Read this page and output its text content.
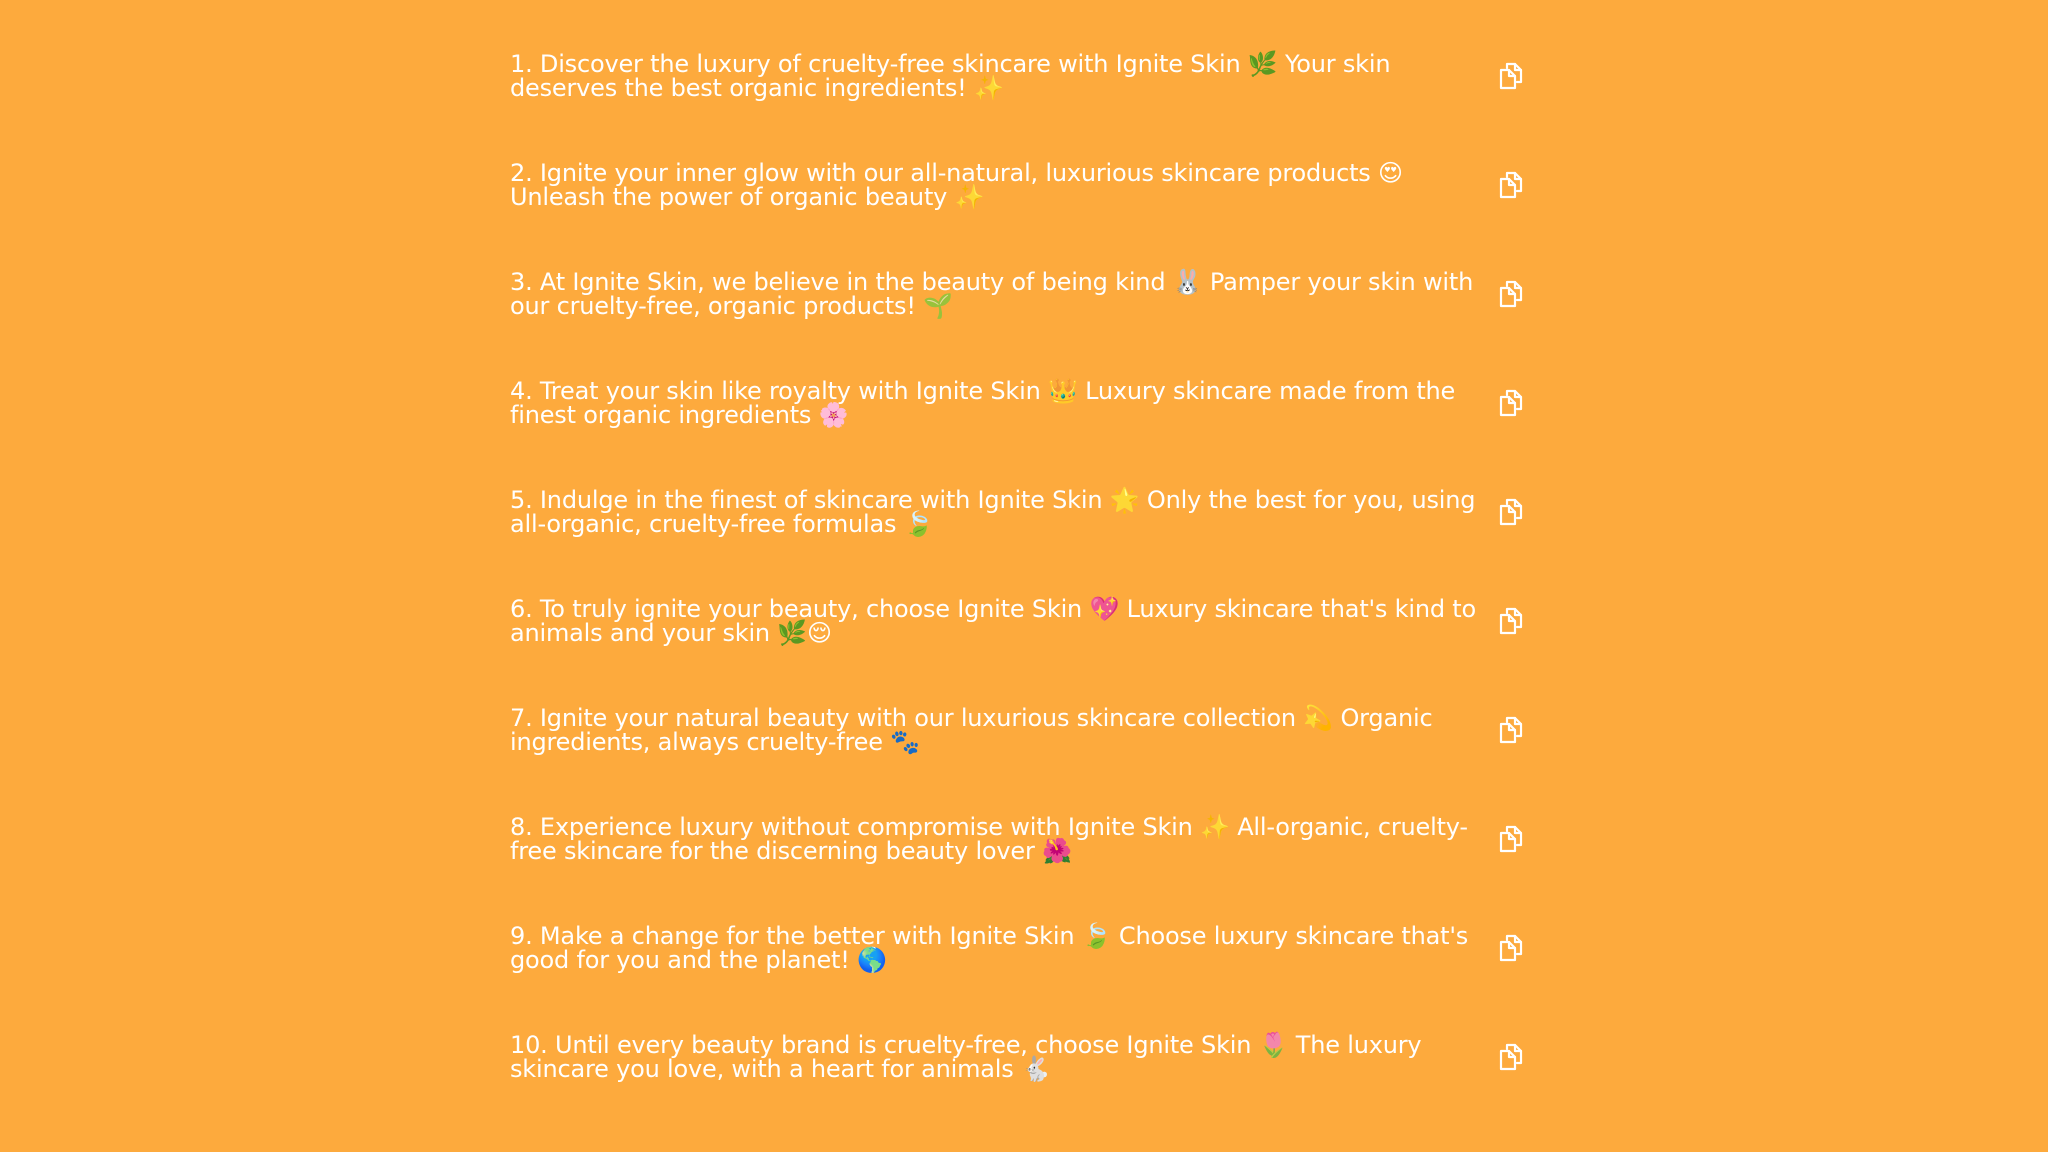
1. Discover the luxury of cruelty-free skincare with Ignite Skin 🌿 Your skin deserves the best organic ingredients! ✨

2. Ignite your inner glow with our all-natural, luxurious skincare products 😍 Unleash the power of organic beauty ✨

3. At Ignite Skin, we believe in the beauty of being kind 🐰 Pamper your skin with our cruelty-free, organic products! 🌱

4. Treat your skin like royalty with Ignite Skin 👑 Luxury skincare made from the finest organic ingredients 🌸

5. Indulge in the finest of skincare with Ignite Skin 🌟 Only the best for you, using all-organic, cruelty-free formulas 🍃

6. To truly ignite your beauty, choose Ignite Skin 💖 Luxury skincare that's kind to animals and your skin 🌿😌

7. Ignite your natural beauty with our luxurious skincare collection 💫 Organic ingredients, always cruelty-free 🐾

8. Experience luxury without compromise with Ignite Skin ✨ All-organic, cruelty-free skincare for the discerning beauty lover 🌺

9. Make a change for the better with Ignite Skin 🍃 Choose luxury skincare that's good for you and the planet! 🌎

10. Until every beauty brand is cruelty-free, choose Ignite Skin 🌷 The luxury skincare you love, with a heart for animals 🐇
